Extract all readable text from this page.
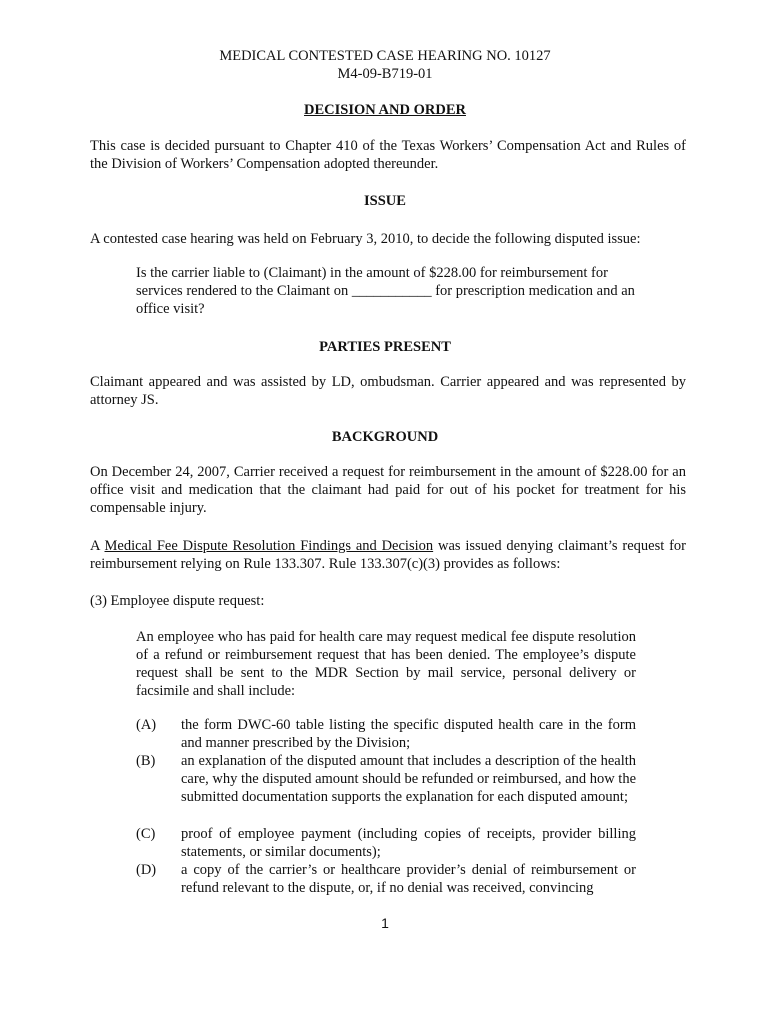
MEDICAL CONTESTED CASE HEARING NO. 10127
M4-09-B719-01
DECISION AND ORDER
This case is decided pursuant to Chapter 410 of the Texas Workers’ Compensation Act and Rules of the Division of Workers’ Compensation adopted thereunder.
ISSUE
A contested case hearing was held on February 3, 2010, to decide the following disputed issue:
Is the carrier liable to (Claimant) in the amount of $228.00 for reimbursement for services rendered to the Claimant on ___________ for prescription medication and an office visit?
PARTIES PRESENT
Claimant appeared and was assisted by LD, ombudsman. Carrier appeared and was represented by attorney JS.
BACKGROUND
On December 24, 2007, Carrier received a request for reimbursement in the amount of $228.00 for an office visit and medication that the claimant had paid for out of his pocket for treatment for his compensable injury.
A Medical Fee Dispute Resolution Findings and Decision was issued denying claimant’s request for reimbursement relying on Rule 133.307. Rule 133.307(c)(3) provides as follows:
(3) Employee dispute request:
An employee who has paid for health care may request medical fee dispute resolution of a refund or reimbursement request that has been denied. The employee’s dispute request shall be sent to the MDR Section by mail service, personal delivery or facsimile and shall include:
(A)	the form DWC-60 table listing the specific disputed health care in the form and manner prescribed by the Division;
(B)	an explanation of the disputed amount that includes a description of the health care, why the disputed amount should be refunded or reimbursed, and how the submitted documentation supports the explanation for each disputed amount;
(C)	proof of employee payment (including copies of receipts, provider billing statements, or similar documents);
(D)	a copy of the carrier’s or healthcare provider’s denial of reimbursement or refund relevant to the dispute, or, if no denial was received, convincing
1
